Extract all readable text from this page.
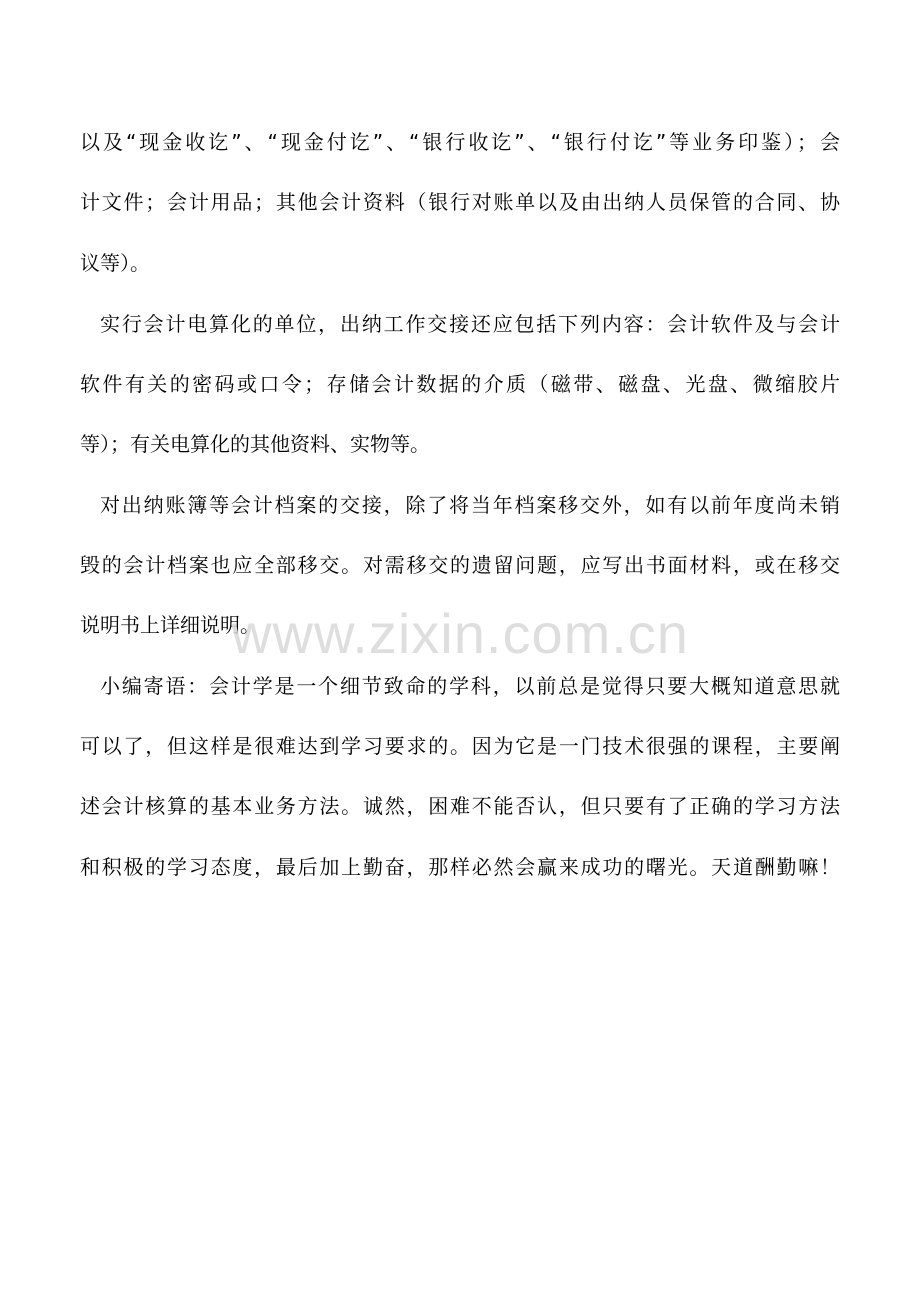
以及“现金收讫”、“现金付讫”、“银行收讫”、“银行付讫”等业务印鉴）；会
计文件；会计用品；其他会计资料（银行对账单以及由出纳人员保管的合同、协
议等）。
实行会计电算化的单位，出纳工作交接还应包括下列内容：会计软件及与会计
软件有关的密码或口令；存储会计数据的介质（磁带、磁盘、光盘、微缩胶片
等）；有关电算化的其他资料、实物等。
对出纳账簿等会计档案的交接，除了将当年档案移交外，如有以前年度尚未销
毁的会计档案也应全部移交。对需移交的遗留问题，应写出书面材料，或在移交
说明书上详细说明。
小编寄语：会计学是一个细节致命的学科，以前总是觉得只要大概知道意思就
可以了，但这样是很难达到学习要求的。因为它是一门技术很强的课程，主要阐
述会计核算的基本业务方法。诚然，困难不能否认，但只要有了正确的学习方法
和积极的学习态度，最后加上勤奋，那样必然会赢来成功的曙光。天道酬勤嘛！
www.zixin.com.cn
